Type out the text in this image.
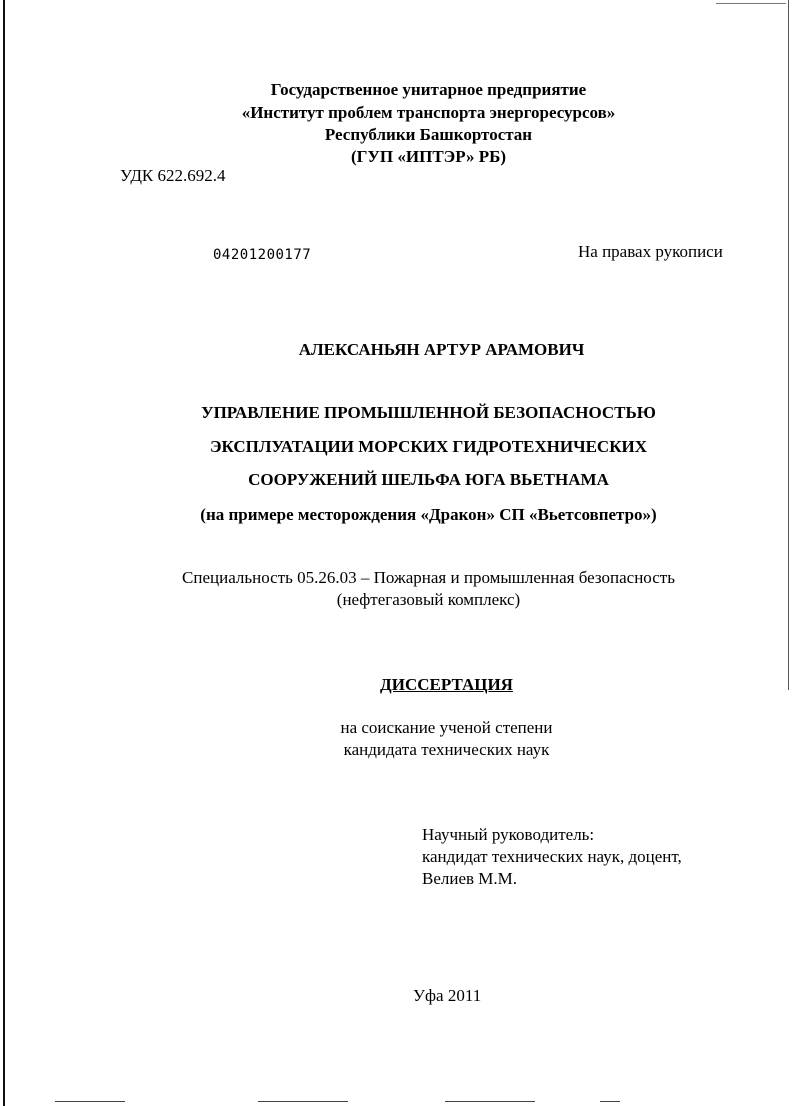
Государственное унитарное предприятие
«Институт проблем транспорта энергоресурсов»
Республики Башкортостан
(ГУП «ИПТЭР» РБ)
УДК 622.692.4
04201200177	На правах рукописи
АЛЕКСАНЬЯН АРТУР АРАМОВИЧ
УПРАВЛЕНИЕ ПРОМЫШЛЕННОЙ БЕЗОПАСНОСТЬЮ
ЭКСПЛУАТАЦИИ МОРСКИХ ГИДРОТЕХНИЧЕСКИХ
СООРУЖЕНИЙ ШЕЛЬФА ЮГА ВЬЕТНАМА
(на примере месторождения «Дракон» СП «Вьетсовпетро»)
Специальность 05.26.03 – Пожарная и промышленная безопасность
(нефтегазовый комплекс)
ДИССЕРТАЦИЯ
на соискание ученой степени
кандидата технических наук
Научный руководитель:
кандидат технических наук, доцент,
Велиев М.М.
Уфа 2011
